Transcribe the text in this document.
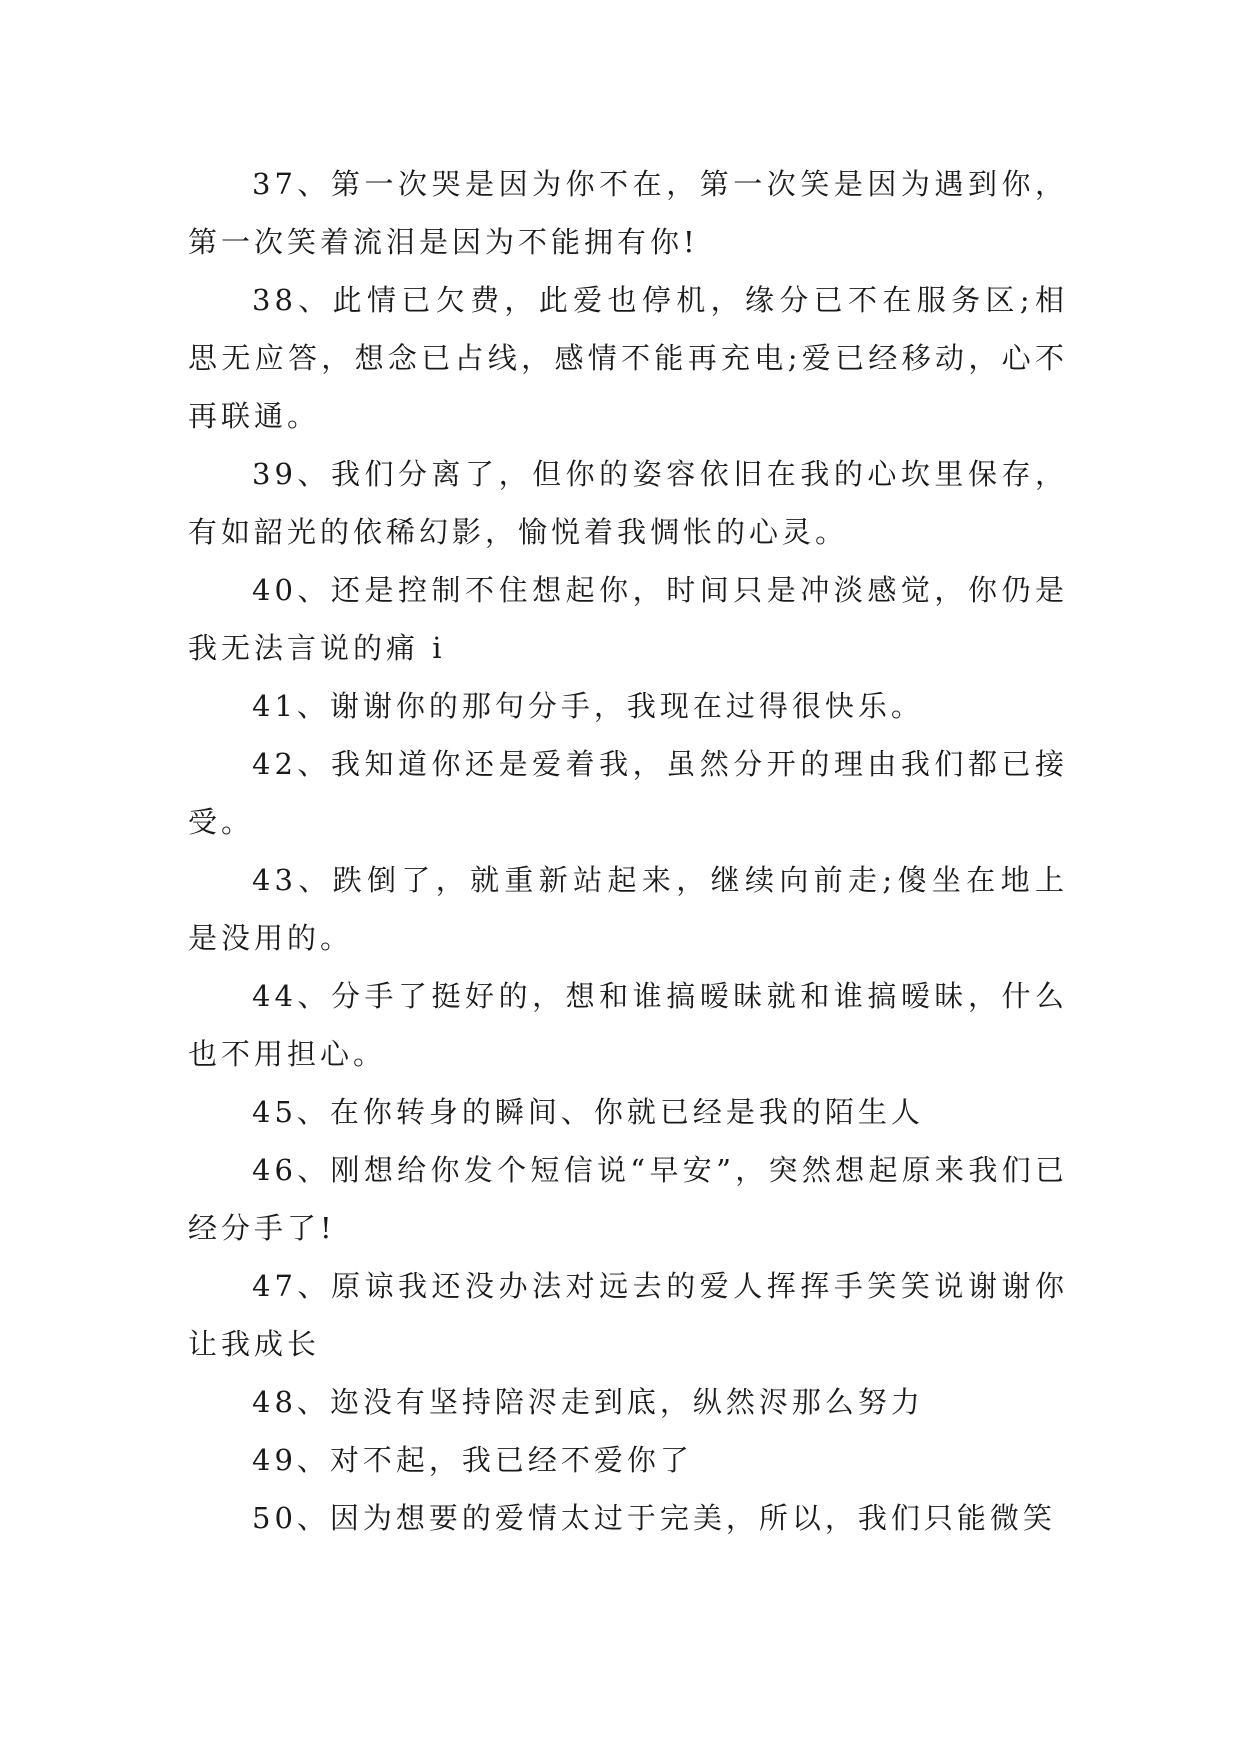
37、第一次哭是因为你不在，第一次笑是因为遇到你，第一次笑着流泪是因为不能拥有你!

38、此情已欠费，此爱也停机，缘分已不在服务区;相思无应答，想念已占线，感情不能再充电;爱已经移动，心不再联通。

39、我们分离了，但你的姿容依旧在我的心坎里保存，有如韶光的依稀幻影，愉悦着我惆怅的心灵。

40、还是控制不住想起你，时间只是冲淡感觉，你仍是我无法言说的痛 i

41、谢谢你的那句分手，我现在过得很快乐。

42、我知道你还是爱着我，虽然分开的理由我们都已接受。

43、跌倒了，就重新站起来，继续向前走;傻坐在地上是没用的。

44、分手了挺好的，想和谁搞暧昧就和谁搞暧昧，什么也不用担心。

45、在你转身的瞬间、你就已经是我的陌生人

46、刚想给你发个短信说“早安”，突然想起原来我们已经分手了!

47、原谅我还没办法对远去的爱人挥挥手笑笑说谢谢你让我成长

48、迩没有坚持陪浕走到底，纵然浕那么努力

49、对不起，我已经不爱你了

50、因为想要的爱情太过于完美，所以，我们只能微笑
